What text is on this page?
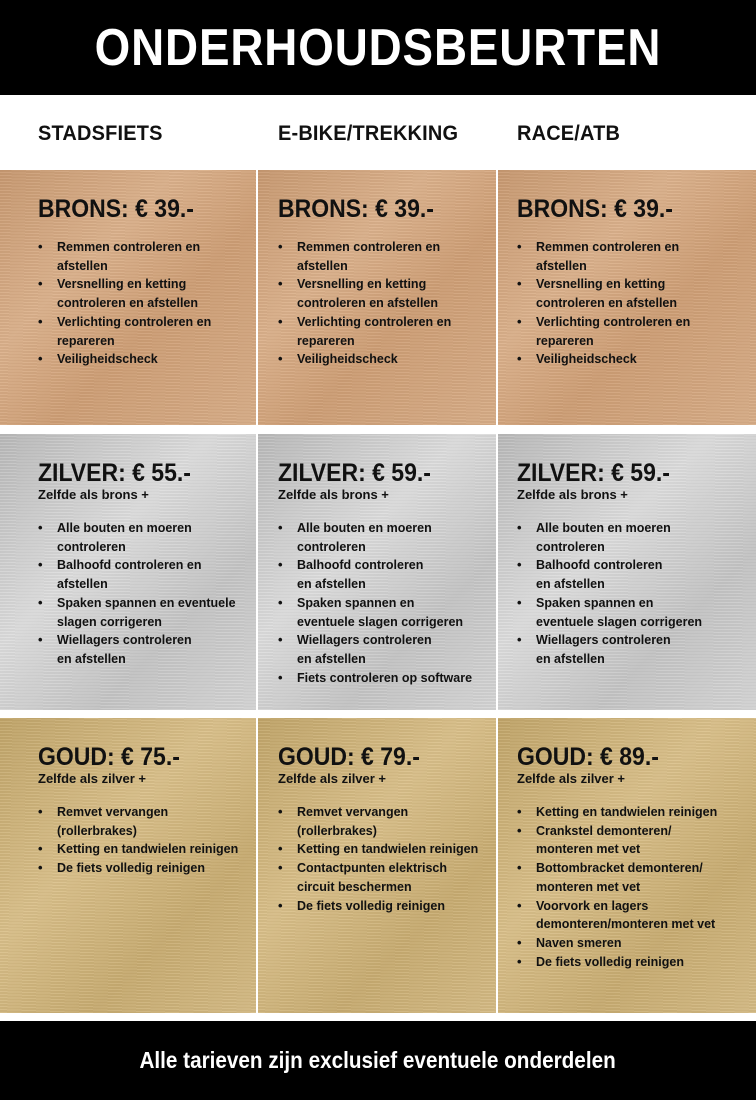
ONDERHOUDSBEURTEN
STADSFIETS	E-BIKE/TREKKING	RACE/ATB
BRONS: € 39.-
• Remmen controleren en
afstellen
• Versnelling en ketting
controleren en afstellen
• Verlichting controleren en
repareren
• Veiligheidscheck
BRONS: € 39.-
• Remmen controleren en
afstellen
• Versnelling en ketting
controleren en afstellen
• Verlichting controleren en
repareren
• Veiligheidscheck
BRONS: € 39.-
• Remmen controleren en
afstellen
• Versnelling en ketting
controleren en afstellen
• Verlichting controleren en
repareren
• Veiligheidscheck
ZILVER: € 55.-
Zelfde als brons +
• Alle bouten en moeren
controleren
• Balhoofd controleren en
afstellen
• Spaken spannen en eventuele
slagen corrigeren
• Wiellagers controleren
en afstellen
ZILVER: € 59.-
Zelfde als brons +
• Alle bouten en moeren
controleren
• Balhoofd controleren
en afstellen
• Spaken spannen en
eventuele slagen corrigeren
• Wiellagers controleren
en afstellen
• Fiets controleren op software
ZILVER: € 59.-
Zelfde als brons +
• Alle bouten en moeren
controleren
• Balhoofd controleren
en afstellen
• Spaken spannen en
eventuele slagen corrigeren
• Wiellagers controleren
en afstellen
GOUD: € 75.-
Zelfde als zilver +
• Remvet vervangen
(rollerbrakes)
• Ketting en tandwielen reinigen
• De fiets volledig reinigen
GOUD: € 79.-
Zelfde als zilver +
• Remvet vervangen
(rollerbrakes)
• Ketting en tandwielen reinigen
• Contactpunten elektrisch
circuit beschermen
• De fiets volledig reinigen
GOUD: € 89.-
Zelfde als zilver +
• Ketting en tandwielen reinigen
• Crankstel demonteren/
monteren met vet
• Bottombracket demonteren/
monteren met vet
• Voorvork en lagers
demonteren/monteren met vet
• Naven smeren
• De fiets volledig reinigen
Alle tarieven zijn exclusief eventuele onderdelen
